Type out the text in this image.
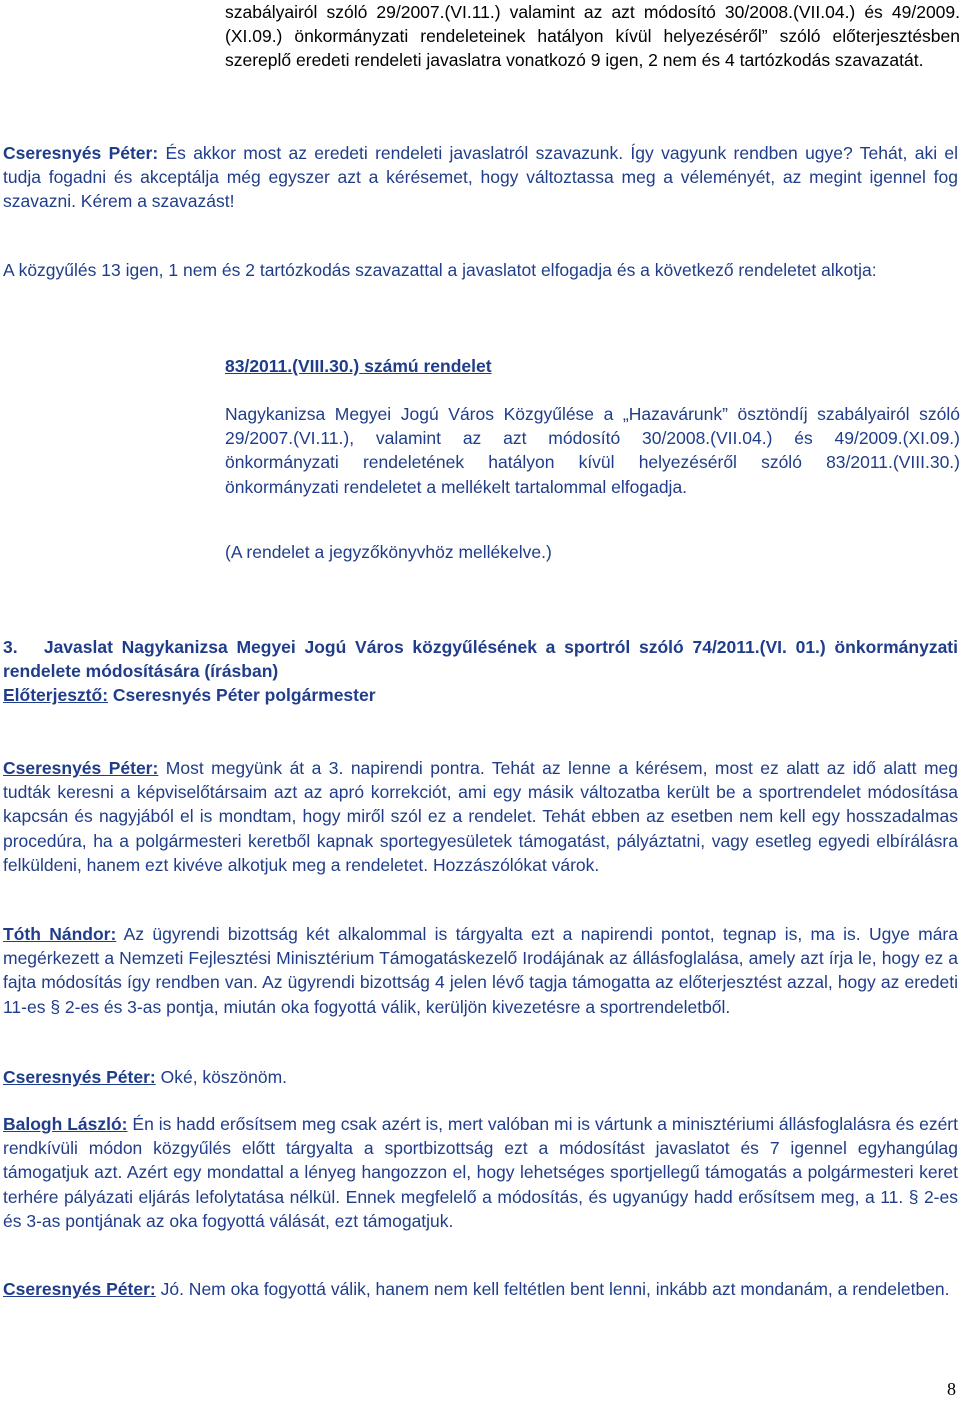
szabályairól szóló 29/2007.(VI.11.) valamint az azt módosító 30/2008.(VII.04.) és 49/2009.(XI.09.) önkormányzati rendeleteinek hatályon kívül helyezéséről” szóló előterjesztésben szereplő eredeti rendeleti javaslatra vonatkozó 9 igen, 2 nem és 4 tartózkodás szavazatát.

Cseresnyés Péter: És akkor most az eredeti rendeleti javaslatról szavazunk. Így vagyunk rendben ugye? Tehát, aki el tudja fogadni és akceptálja még egyszer azt a kérésemet, hogy változtassa meg a véleményét, az megint igennel fog szavazni. Kérem a szavazást!

A közgyűlés 13 igen, 1 nem és 2 tartózkodás szavazattal a javaslatot elfogadja és a következő rendeletet alkotja:

83/2011.(VIII.30.) számú rendelet

Nagykanizsa Megyei Jogú Város Közgyűlése a „Hazavárunk” ösztöndíj szabályairól szóló 29/2007.(VI.11.), valamint az azt módosító 30/2008.(VII.04.) és 49/2009.(XI.09.) önkormányzati rendeletének hatályon kívül helyezéséről szóló 83/2011.(VIII.30.) önkormányzati rendeletet a mellékelt tartalommal elfogadja.

(A rendelet a jegyzőkönyvhöz mellékelve.)

3. Javaslat Nagykanizsa Megyei Jogú Város közgyűlésének a sportról szóló 74/2011.(VI. 01.) önkormányzati rendelete módosítására (írásban)

Előterjesztő: Cseresnyés Péter polgármester

Cseresnyés Péter: Most megyünk át a 3. napirendi pontra. Tehát az lenne a kérésem, most ez alatt az idő alatt meg tudták keresni a képviselőtársaim azt az apró korrekciót, ami egy másik változatba került be a sportrendelet módosítása kapcsán és nagyjából el is mondtam, hogy miről szól ez a rendelet. Tehát ebben az esetben nem kell egy hosszadalmas procedúra, ha a polgármesteri keretből kapnak sportegyesületek támogatást, pályáztatni, vagy esetleg egyedi elbírálásra felküldeni, hanem ezt kivéve alkotjuk meg a rendeletet. Hozzászólókat várok.

Tóth Nándor: Az ügyrendi bizottság két alkalommal is tárgyalta ezt a napirendi pontot, tegnap is, ma is. Ugye mára megérkezett a Nemzeti Fejlesztési Minisztérium Támogatáskezelő Irodájának az állásfoglalása, amely azt írja le, hogy ez a fajta módosítás így rendben van. Az ügyrendi bizottság 4 jelen lévő tagja támogatta az előterjesztést azzal, hogy az eredeti 11-es § 2-es és 3-as pontja, miután oka fogyottá válik, kerüljön kivezetésre a sportrendeletből.

Cseresnyés Péter: Oké, köszönöm.

Balogh László: Én is hadd erősítsem meg csak azért is, mert valóban mi is vártunk a minisztériumi állásfoglalásra és ezért rendkívüli módon közgyűlés előtt tárgyalta a sportbizottság ezt a módosítást javaslatot és 7 igennel egyhangúlag támogatjuk azt. Azért egy mondattal a lényeg hangozzon el, hogy lehetséges sportjellegű támogatás a polgármesteri keret terhére pályázati eljárás lefolytatása nélkül. Ennek megfelelő a módosítás, és ugyanúgy hadd erősítsem meg, a 11. § 2-es és 3-as pontjának az oka fogyottá válását, ezt támogatjuk.

Cseresnyés Péter: Jó. Nem oka fogyottá válik, hanem nem kell feltétlen bent lenni, inkább azt mondanám, a rendeletben.

8
